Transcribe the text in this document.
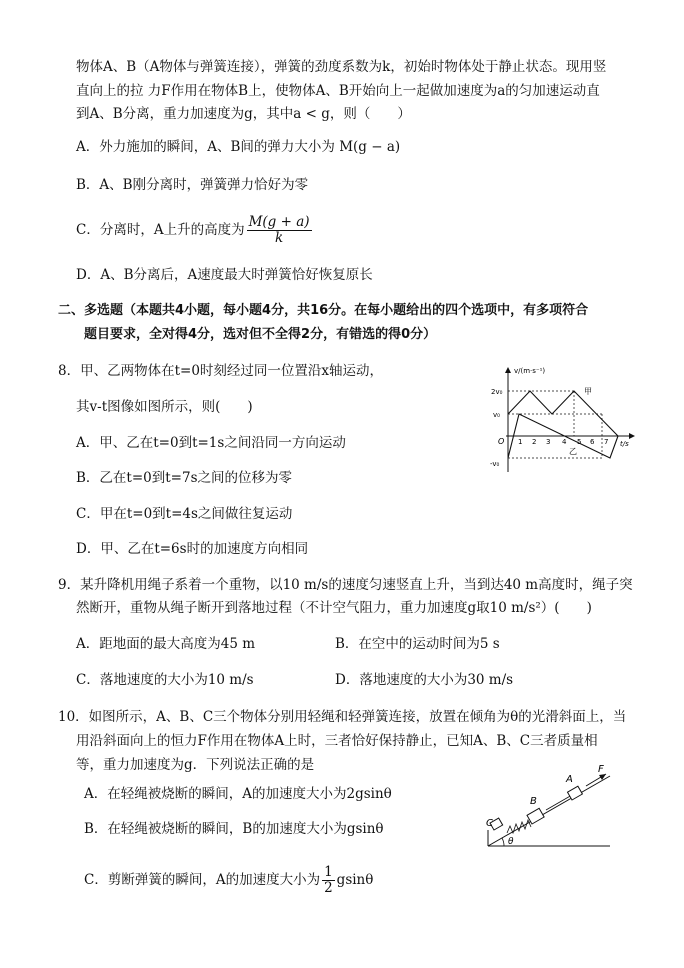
物体A、B（A物体与弹簧连接），弹簧的劲度系数为k，初始时物体处于静止状态。现用竖
直向上的拉 力F作用在物体B上，使物体A、B开始向上一起做加速度为a的匀加速运动直
到A、B分离，重力加速度为g，其中a < g，则（　　）
A．外力施加的瞬间，A、B间的弹力大小为 M(g − a)
B．A、B刚分离时，弹簧弹力恰好为零
C．分离时，A上升的高度为 $\frac{M(g + a)}{k}$
D．A、B分离后，A速度最大时弹簧恰好恢复原长
二、多选题（本题共4小题，每小题4分，共16分。在每小题给出的四个选项中，有多项符合
题目要求，全对得4分，选对但不全得2分，有错选的得0分）
8．甲、乙两物体在t=0时刻经过同一位置沿x轴运动，
其v-t图像如图所示，则(　　)
A．甲、乙在t=0到t=1s之间沿同一方向运动
B．乙在t=0到t=7s之间的位移为零
C．甲在t=0到t=4s之间做往复运动
D．甲、乙在t=6s时的加速度方向相同
v/(m·s⁻¹)
t/s
2v₀
v₀
-v₀
O 1 2 3 4 5 6 7
甲
乙
9．某升降机用绳子系着一个重物，以10 m/s的速度匀速竖直上升，当到达40 m高度时，绳子突
然断开，重物从绳子断开到落地过程（不计空气阻力，重力加速度g取10 m/s²）(　　)
A．距地面的最大高度为45 m	B．在空中的运动时间为5 s
C．落地速度的大小为10 m/s	D．落地速度的大小为30 m/s
10．如图所示，A、B、C三个物体分别用轻绳和轻弹簧连接，放置在倾角为θ的光滑斜面上，当
用沿斜面向上的恒力F作用在物体A上时，三者恰好保持静止，已知A、B、C三者质量相
等，重力加速度为g．下列说法正确的是
A．在轻绳被烧断的瞬间，A的加速度大小为2gsinθ
B．在轻绳被烧断的瞬间，B的加速度大小为gsinθ
C．剪断弹簧的瞬间，A的加速度大小为 $\frac{1}{2}$ gsinθ
θ
C
B
A
F
